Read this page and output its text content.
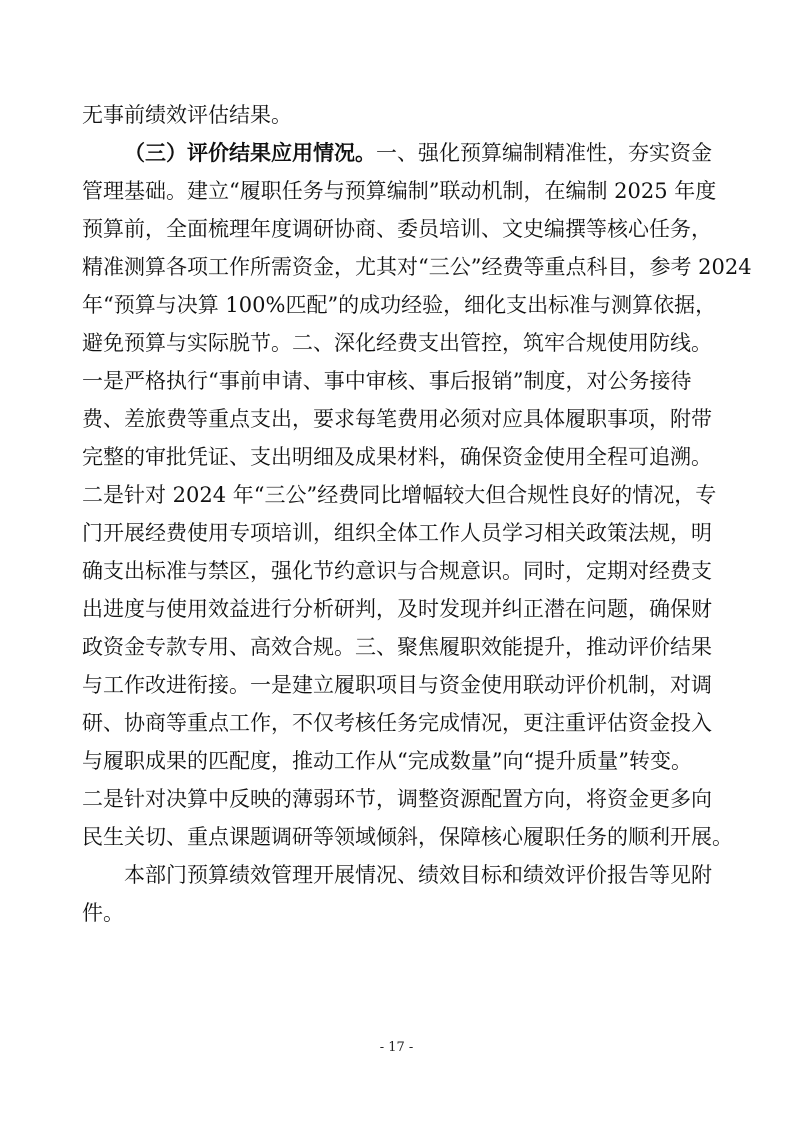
无事前绩效评估结果。
（三）评价结果应用情况。一、强化预算编制精准性，夯实资金
管理基础。建立“履职任务与预算编制”联动机制，在编制 2025 年度
预算前，全面梳理年度调研协商、委员培训、文史编撰等核心任务，
精准测算各项工作所需资金，尤其对“三公”经费等重点科目，参考 2024
年“预算与决算 100%匹配”的成功经验，细化支出标准与测算依据，
避免预算与实际脱节。二、深化经费支出管控，筑牢合规使用防线。
一是严格执行“事前申请、事中审核、事后报销”制度，对公务接待
费、差旅费等重点支出，要求每笔费用必须对应具体履职事项，附带
完整的审批凭证、支出明细及成果材料，确保资金使用全程可追溯。
二是针对 2024 年“三公”经费同比增幅较大但合规性良好的情况，专
门开展经费使用专项培训，组织全体工作人员学习相关政策法规，明
确支出标准与禁区，强化节约意识与合规意识。同时，定期对经费支
出进度与使用效益进行分析研判，及时发现并纠正潜在问题，确保财
政资金专款专用、高效合规。三、聚焦履职效能提升，推动评价结果
与工作改进衔接。一是建立履职项目与资金使用联动评价机制，对调
研、协商等重点工作，不仅考核任务完成情况，更注重评估资金投入
与履职成果的匹配度，推动工作从“完成数量”向“提升质量”转变。
二是针对决算中反映的薄弱环节，调整资源配置方向，将资金更多向
民生关切、重点课题调研等领域倾斜，保障核心履职任务的顺利开展。
本部门预算绩效管理开展情况、绩效目标和绩效评价报告等见附
件。
- 17 -
